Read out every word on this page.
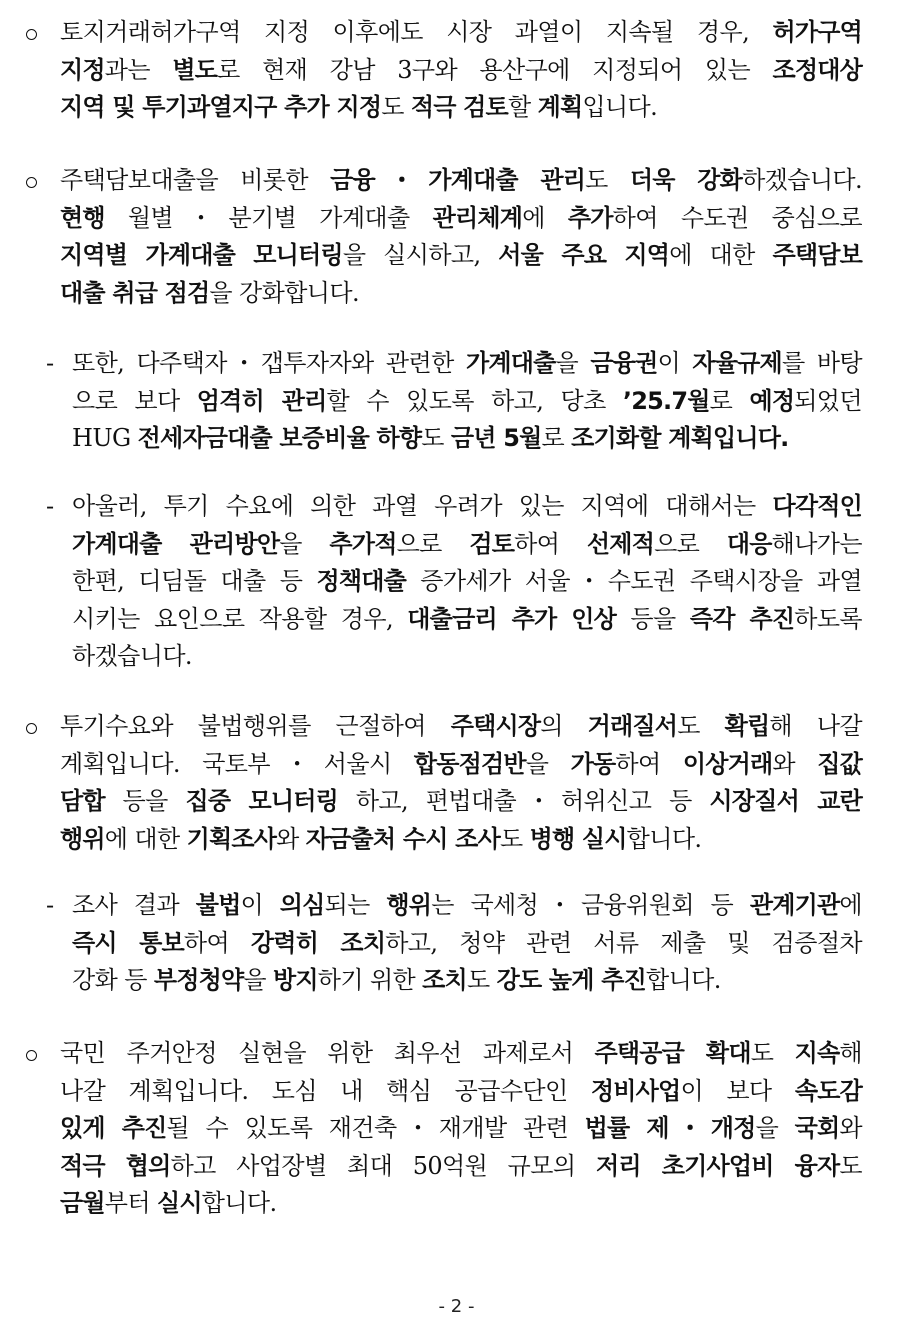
토지거래허가구역 지정 이후에도 시장 과열이 지속될 경우, 허가구역
지정과는 별도로 현재 강남 3구와 용산구에 지정되어 있는 조정대상
지역 및 투기과열지구 추가 지정도 적극 검토할 계획입니다.
주택담보대출을 비롯한 금융・가계대출 관리도 더욱 강화하겠습니다.
현행 월별・분기별 가계대출 관리체계에 추가하여 수도권 중심으로
지역별 가계대출 모니터링을 실시하고, 서울 주요 지역에 대한 주택담보
대출 취급 점검을 강화합니다.
- 또한, 다주택자・갭투자자와 관련한 가계대출을 금융권이 자율규제를 바탕
으로 보다 엄격히 관리할 수 있도록 하고, 당초 ’25.7월로 예정되었던
HUG 전세자금대출 보증비율 하향도 금년 5월로 조기화할 계획입니다.
- 아울러, 투기 수요에 의한 과열 우려가 있는 지역에 대해서는 다각적인
가계대출 관리방안을 추가적으로 검토하여 선제적으로 대응해나가는
한편, 디딤돌 대출 등 정책대출 증가세가 서울・수도권 주택시장을 과열
시키는 요인으로 작용할 경우, 대출금리 추가 인상 등을 즉각 추진하도록
하겠습니다.
투기수요와 불법행위를 근절하여 주택시장의 거래질서도 확립해 나갈
계획입니다. 국토부・서울시 합동점검반을 가동하여 이상거래와 집값
담합 등을 집중 모니터링 하고, 편법대출・허위신고 등 시장질서 교란
행위에 대한 기획조사와 자금출처 수시 조사도 병행 실시합니다.
- 조사 결과 불법이 의심되는 행위는 국세청・금융위원회 등 관계기관에
즉시 통보하여 강력히 조치하고, 청약 관련 서류 제출 및 검증절차
강화 등 부정청약을 방지하기 위한 조치도 강도 높게 추진합니다.
국민 주거안정 실현을 위한 최우선 과제로서 주택공급 확대도 지속해
나갈 계획입니다. 도심 내 핵심 공급수단인 정비사업이 보다 속도감
있게 추진될 수 있도록 재건축・재개발 관련 법률 제・개정을 국회와
적극 협의하고 사업장별 최대 50억원 규모의 저리 초기사업비 융자도
금월부터 실시합니다.
- 2 -
